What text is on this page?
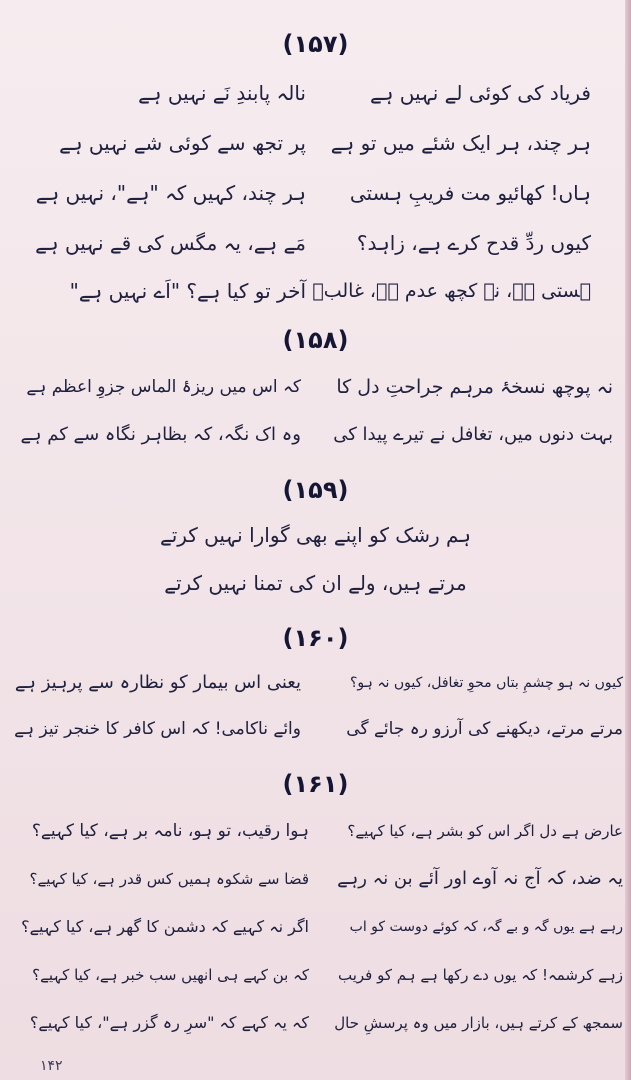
(۱۵۷)
فریاد کی کوئی لے نہیں ہے
نالہ پابندِ نَے نہیں ہے
ہر چند، ہر ایک شئے میں تو ہے
پر تجھ سے کوئی شے نہیں ہے
ہاں! کھائیو مت فریبِ ہستی
ہر چند، کہیں کہ "ہے"، نہیں ہے
کیوں ردِّ قدح کرے ہے، زاہد؟
مَے ہے، یہ مگس کی قے نہیں ہے
ہستی ہے، نہ کچھ عدم ہے، غالبؔ
آخر تو کیا ہے؟ "اَے نہیں ہے"
(۱۵۸)
نہ پوچھ نسخۂ مرہم جراحتِ دل کا
کہ اس میں ریزۂ الماس جزوِ اعظم ہے
بہت دنوں میں، تغافل نے تیرے پیدا کی
وہ اک نگہ، کہ بظاہر نگاہ سے کم ہے
(۱۵۹)
ہم رشک کو اپنے بھی گوارا نہیں کرتے
مرتے ہیں، ولے ان کی تمنا نہیں کرتے
(۱۶۰)
کیوں نہ ہو چشمِ بتاں محوِ تغافل، کیوں نہ ہو؟
یعنی اس بیمار کو نظارہ سے پرہیز ہے
مرتے مرتے، دیکھنے کی آرزو رہ جائے گی
وائے ناکامی! کہ اس کافر کا خنجر تیز ہے
(۱۶۱)
عارض ہے دل اگر اس کو بشر ہے، کیا کہیے؟
ہوا رقیب، تو ہو، نامہ بر ہے، کیا کہیے؟
یہ ضد، کہ آج نہ آوے اور آئے بن نہ رہے
قضا سے شکوہ ہمیں کس قدر ہے، کیا کہیے؟
رہے ہے یوں گہ و بے گہ، کہ کوئے دوست کو اب
اگر نہ کہیے کہ دشمن کا گھر ہے، کیا کہیے؟
زہے کرشمہ! کہ یوں دے رکھا ہے ہم کو فریب
کہ بن کہے ہی انھیں سب خبر ہے، کیا کہیے؟
سمجھ کے کرتے ہیں، بازار میں وہ پرسشِ حال
کہ یہ کہے کہ "سرِ رہ گزر ہے"، کیا کہیے؟
۱۴۲
